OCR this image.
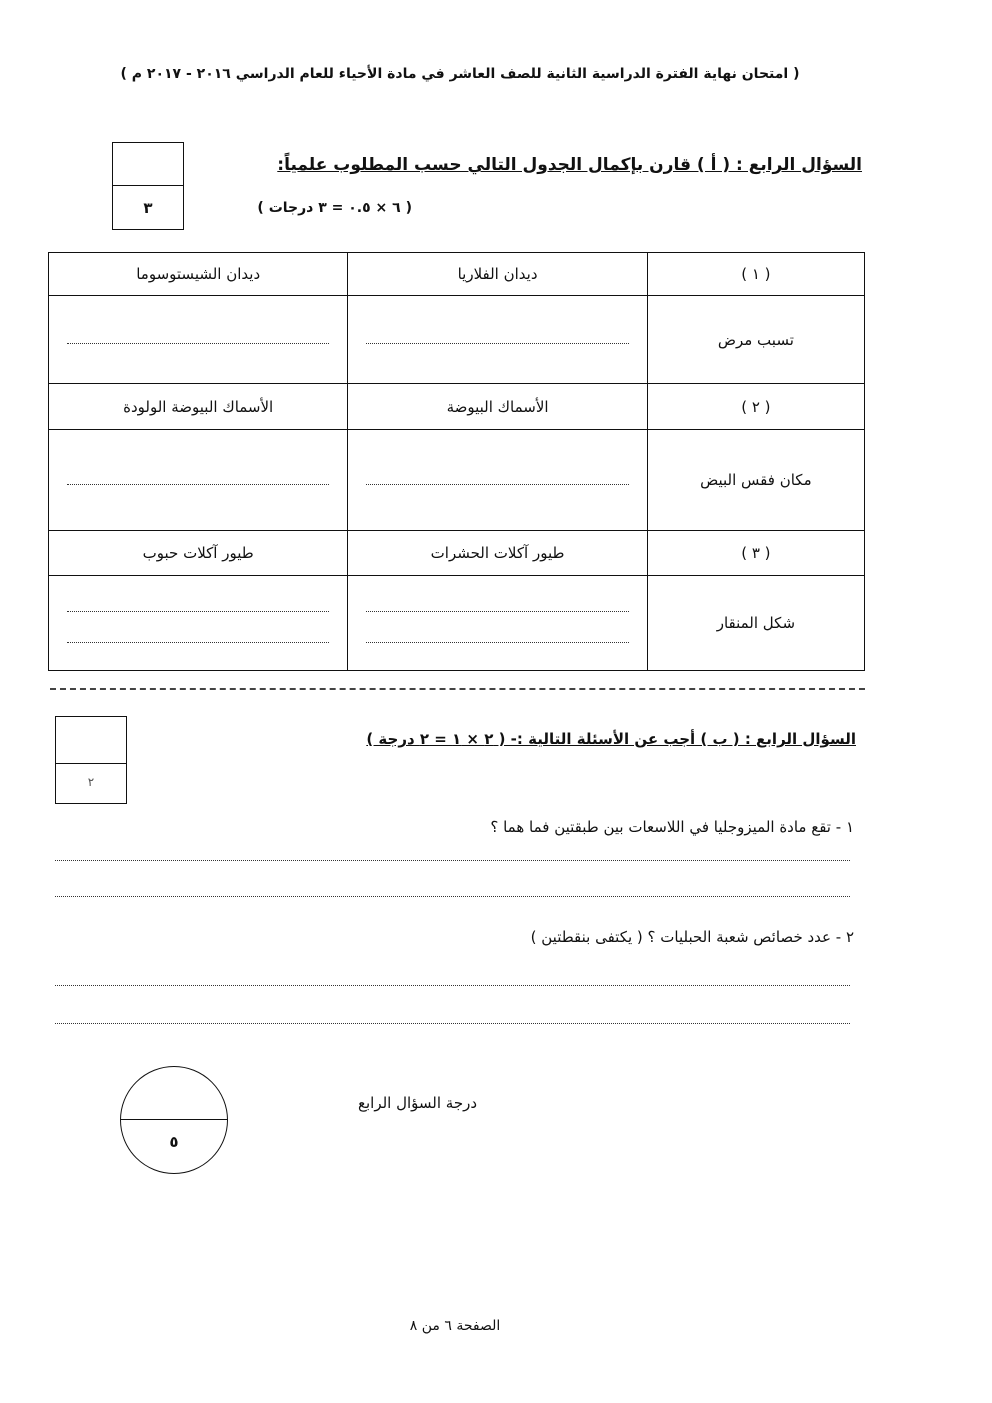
( امتحان نهاية الفترة الدراسية الثانية للصف العاشر في مادة الأحياء للعام الدراسي ٢٠١٦ - ٢٠١٧ م )
٣
السؤال الرابع : ( أ ) قارن بإكمال الجدول التالي حسب المطلوب علمياً:
( ٦ × ٠.٥ = ٣ درجات )
( ١ )	ديدان الفلاريا	ديدان الشيستوسوما
تسبب مرض	

( ٢ )	الأسماك البيوضة	الأسماك البيوضة الولودة
مكان فقس البيض	

( ٣ )	طيور آكلات الحشرات	طيور آكلات حبوب
شكل المنقار	

٢
السؤال الرابع : ( ب ) أجب عن الأسئلة التالية :- ( ٢ × ١ = ٢ درجة )
١ - تقع مادة الميزوجليا في اللاسعات بين طبقتين فما هما ؟
٢ - عدد خصائص شعبة الحبليات ؟ ( يكتفى بنقطتين )
درجة السؤال الرابع
٥
الصفحة ٦ من ٨
